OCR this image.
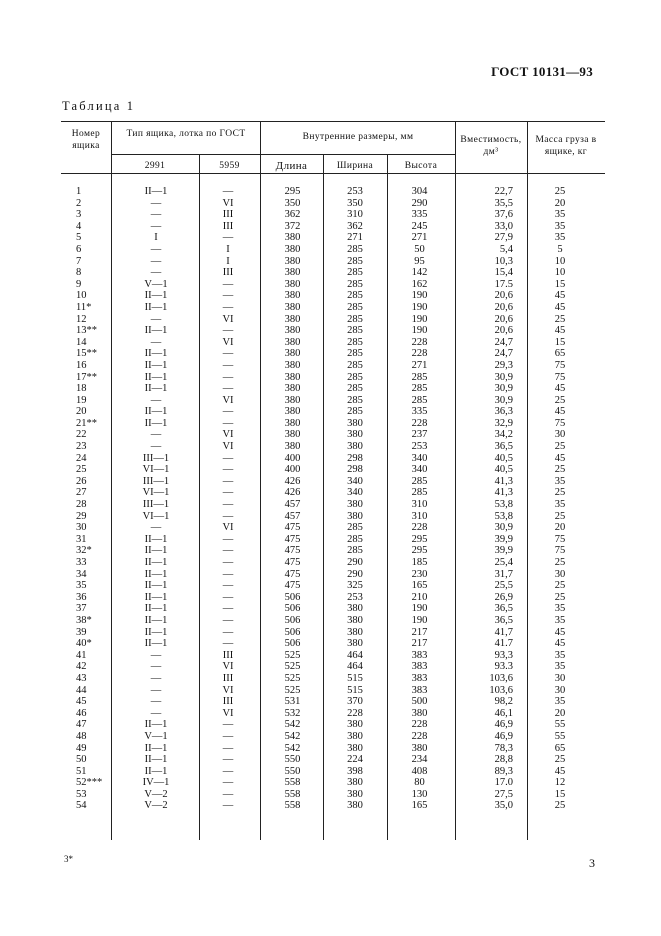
ГОСТ 10131—93
Таблица 1
Номер ящика
Тип ящика, лотка по ГОСТ
2991	5959
Внутренние размеры, мм
Длина	Ширина	Высота
Вместимость, дм³
Масса груза в ящике, кг
1	II—1	—	295	253	304	22,7	25
2	—	VI	350	350	290	35,5	20
3	—	III	362	310	335	37,6	35
4	—	III	372	362	245	33,0	35
5	I	—	380	271	271	27,9	35
6	—	I	380	285	50	5,4	5
7	—	I	380	285	95	10,3	10
8	—	III	380	285	142	15,4	10
9	V—1	—	380	285	162	17.5	15
10	II—1	—	380	285	190	20,6	45
11*	II—1	—	380	285	190	20,6	45
12	—	VI	380	285	190	20,6	25
13**	II—1	—	380	285	190	20,6	45
14	—	VI	380	285	228	24,7	15
15**	II—1	—	380	285	228	24,7	65
16	II—1	—	380	285	271	29,3	75
17**	II—1	—	380	285	285	30,9	75
18	II—1	—	380	285	285	30,9	45
19	—	VI	380	285	285	30,9	25
20	II—1	—	380	285	335	36,3	45
21**	II—1	—	380	380	228	32,9	75
22	—	VI	380	380	237	34,2	30
23	—	VI	380	380	253	36,5	25
24	III—1	—	400	298	340	40,5	45
25	VI—1	—	400	298	340	40,5	25
26	III—1	—	426	340	285	41,3	35
27	VI—1	—	426	340	285	41,3	25
28	III—1	—	457	380	310	53,8	35
29	VI—1	—	457	380	310	53,8	25
30	—	VI	475	285	228	30,9	20
31	II—1	—	475	285	295	39,9	75
32*	II—1	—	475	285	295	39,9	75
33	II—1	—	475	290	185	25,4	25
34	II—1	—	475	290	230	31,7	30
35	II—1	—	475	325	165	25,5	25
36	II—1	—	506	253	210	26,9	25
37	II—1	—	506	380	190	36,5	35
38*	II—1	—	506	380	190	36,5	35
39	II—1	—	506	380	217	41,7	45
40*	II—1	—	506	380	217	41.7	45
41	—	III	525	464	383	93,3	35
42	—	VI	525	464	383	93.3	35
43	—	III	525	515	383	103,6	30
44	—	VI	525	515	383	103,6	30
45	—	III	531	370	500	98,2	35
46	—	VI	532	228	380	46,1	20
47	II—1	—	542	380	228	46,9	55
48	V—1	—	542	380	228	46,9	55
49	II—1	—	542	380	380	78,3	65
50	II—1	—	550	224	234	28,8	25
51	II—1	—	550	398	408	89,3	45
52***	IV—1	—	558	380	80	17.0	12
53	V—2	—	558	380	130	27,5	15
54	V—2	—	558	380	165	35,0	25
3*	3
